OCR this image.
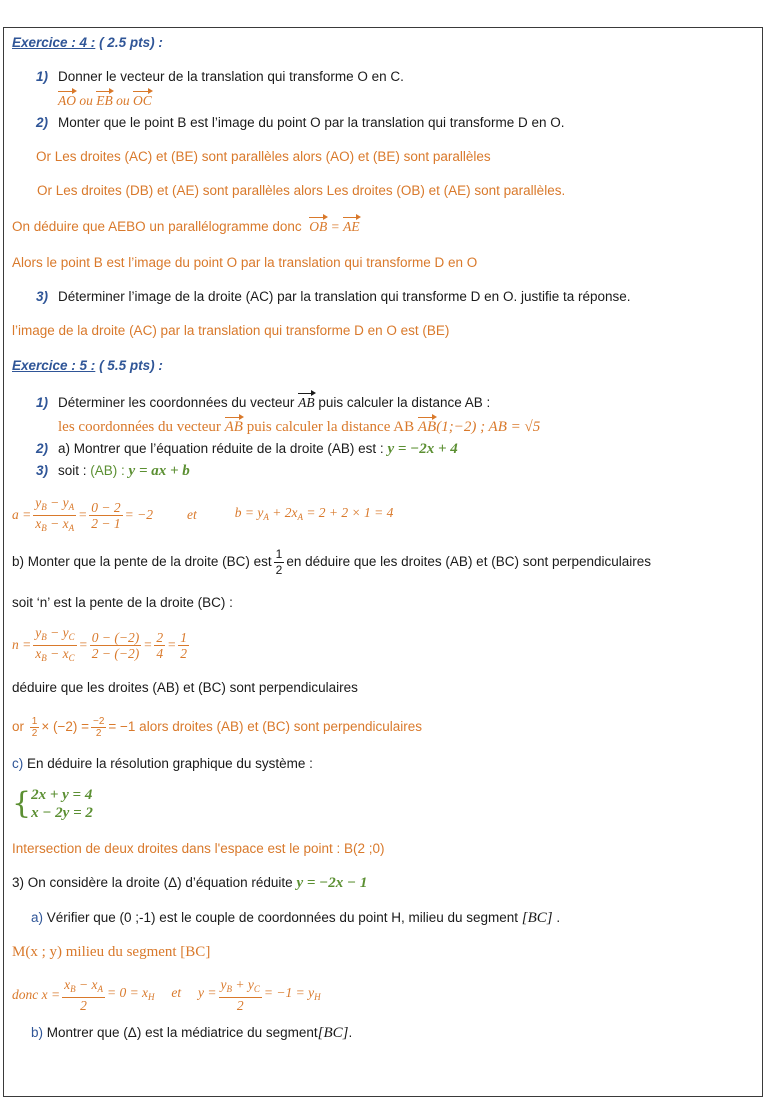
Exercice : 4 : ( 2.5 pts) :
1) Donner le vecteur de la translation qui transforme O en C.
AO ou EB ou OC
2) Monter que le point B est l’image du point O par la translation qui transforme D en O.
Or Les droites (AC) et (BE) sont parallèles alors (AO) et (BE) sont parallèles
Or Les droites (DB) et (AE) sont parallèles alors Les droites (OB) et (AE) sont parallèles.
On déduire que AEBO un parallélogramme donc OB = AE
Alors le point B est l’image du point O par la translation qui transforme D en O
3) Déterminer l’image de la droite (AC) par la translation qui transforme D en O. justifie ta réponse.
l’image de la droite (AC) par la translation qui transforme D en O est (BE)
Exercice : 5 : ( 5.5 pts) :
1) Déterminer les coordonnées du vecteur AB puis calculer la distance AB :
les coordonnées du vecteur AB puis calculer la distance AB AB(1;−2) ; AB = √5
2) a) Montrer que l’équation réduite de la droite (AB) est : y = −2x + 4
3) soit : (AB) : y = ax + b
$a = \frac{y_B - y_A}{x_B - x_A} = \frac{0 - 2}{2 - 1} = -2$	et	$b = y_A + 2x_A = 2 + 2 \times 1 = 4$
b) Monter que la pente de la droite (BC) est $\frac{1}{2}$ en déduire que les droites (AB) et (BC) sont perpendiculaires
soit ‘n’ est la pente de la droite (BC) :
$n = \frac{y_B - y_C}{x_B - x_C} = \frac{0 - (-2)}{2 - (-2)} = \frac{2}{4} = \frac{1}{2}$
déduire que les droites (AB) et (BC) sont perpendiculaires
or
$\frac{1}{2} \times (-2) = \frac{-2}{2} = -1$ alors droites (AB) et (BC) sont perpendiculaires
c) En déduire la résolution graphique du système :
{ 2x + y = 4
x − 2y = 2
Intersection de deux droites dans l'espace est le point : B(2 ;0)
3) On considère la droite (Δ) d’équation réduite y = −2x − 1
a) Vérifier que (0 ;-1) est le couple de coordonnées du point H, milieu du segment [BC] .
M(x ; y) milieu du segment [BC]
donc $x = \frac{x_B - x_A}{2} = 0 = x_H$     et     $y = \frac{y_B + y_C}{2} = -1 = y_H$
b) Montrer que (Δ) est la médiatrice du segment[BC].
